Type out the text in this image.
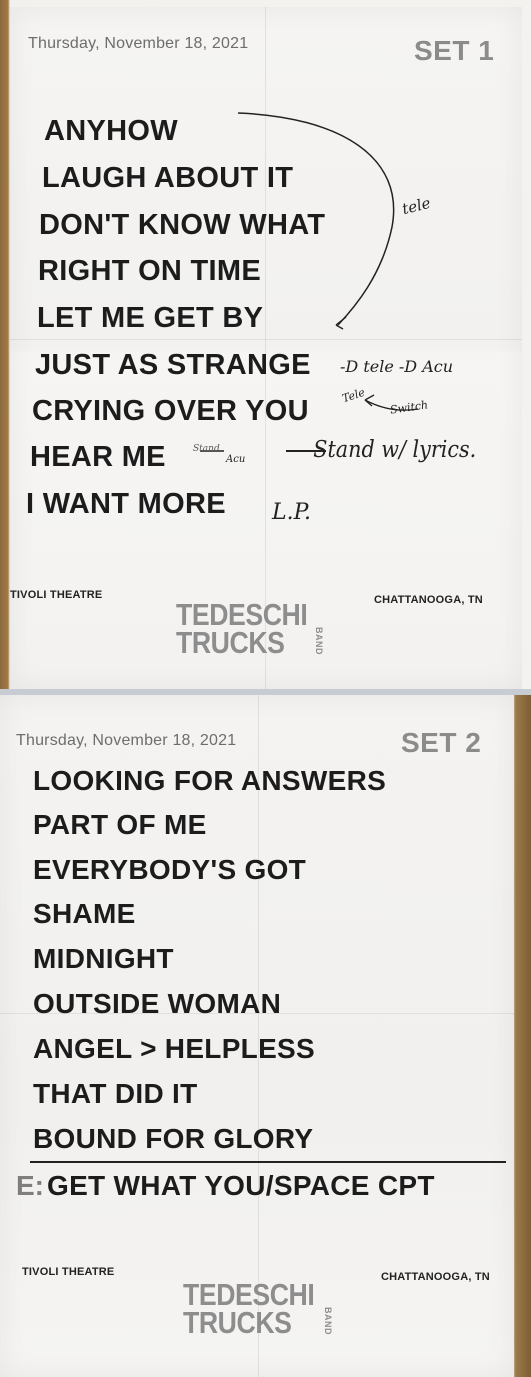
Thursday, November 18, 2021	SET 1
ANYHOW
LAUGH ABOUT IT
DON'T KNOW WHAT
RIGHT ON TIME
LET ME GET BY
JUST AS STRANGE
CRYING OVER YOU
HEAR ME
I WANT MORE
tele
-D tele -D Acu
Tele
Switch
Stand
Acu — Stand w/ lyrics.
L.P.
TIVOLI THEATRE	CHATTANOOGA, TN
TEDESCHI
TRUCKS	BAND
Thursday, November 18, 2021	SET 2
LOOKING FOR ANSWERS
PART OF ME
EVERYBODY'S GOT
SHAME
MIDNIGHT
OUTSIDE WOMAN
ANGEL > HELPLESS
THAT DID IT
BOUND FOR GLORY
E: GET WHAT YOU/SPACE CPT
TIVOLI THEATRE	CHATTANOOGA, TN
TEDESCHI
TRUCKS	BAND
